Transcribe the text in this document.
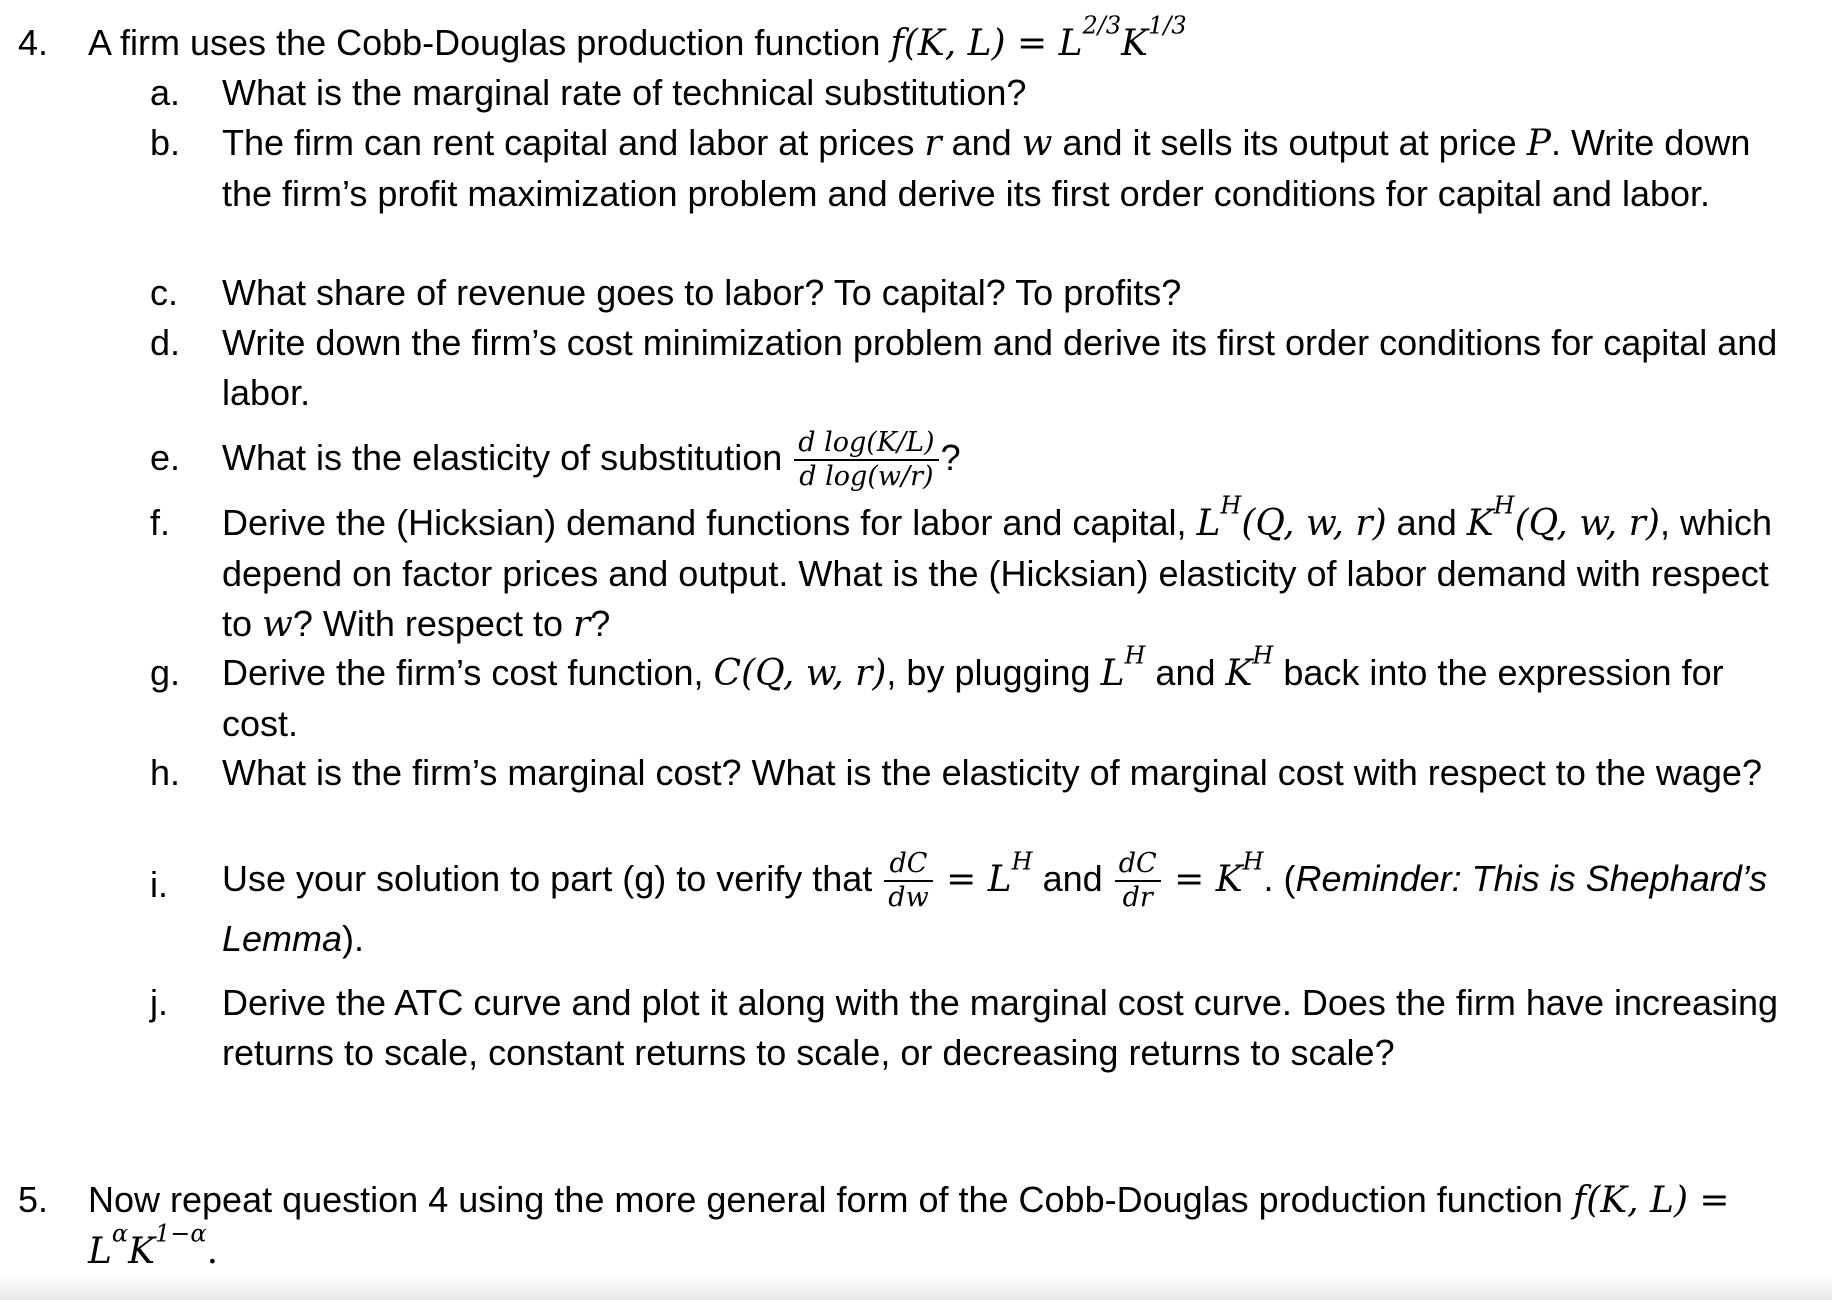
4.	A firm uses the Cobb-Douglas production function f(K, $L) = L^{2/3}K^{1/3}$
a.	What is the marginal rate of technical substitution?
b.	The firm can rent capital and labor at prices r and w and it sells its output at price P. Write down the firm’s profit maximization problem and derive its first order conditions for capital and labor.
c.	What share of revenue goes to labor? To capital? To profits?
d.	Write down the firm’s cost minimization problem and derive its first order conditions for capital and labor.
e.	What is the elasticity of substitution $\frac{\text{d log(K/L)}}{\text{d log(w/r)}}$ ?
f.	Derive the (Hicksian) demand functions for labor and capital, $L^H(Q$, w, r) and $K^H(Q$, w, r), which depend on factor prices and output. What is the (Hicksian) elasticity of labor demand with respect to w? With respect to r?
g.	Derive the firm’s cost function, C(Q, w, r), by plugging $L^H$ and $K^H$ back into the expression for cost.
h.	What is the firm’s marginal cost? What is the elasticity of marginal cost with respect to the wage?
i.	Use your solution to part (g) to verify that $\frac{dC}{dw} = L^H$ and $\frac{dC}{dr} = K^H$. (Reminder: This is Shephard’s Lemma).
j.	Derive the ATC curve and plot it along with the marginal cost curve. Does the firm have increasing returns to scale, constant returns to scale, or decreasing returns to scale?
5.	Now repeat question 4 using the more general form of the Cobb-Douglas production function f(K, $L) = L^\alpha K^{1-\alpha}$.
